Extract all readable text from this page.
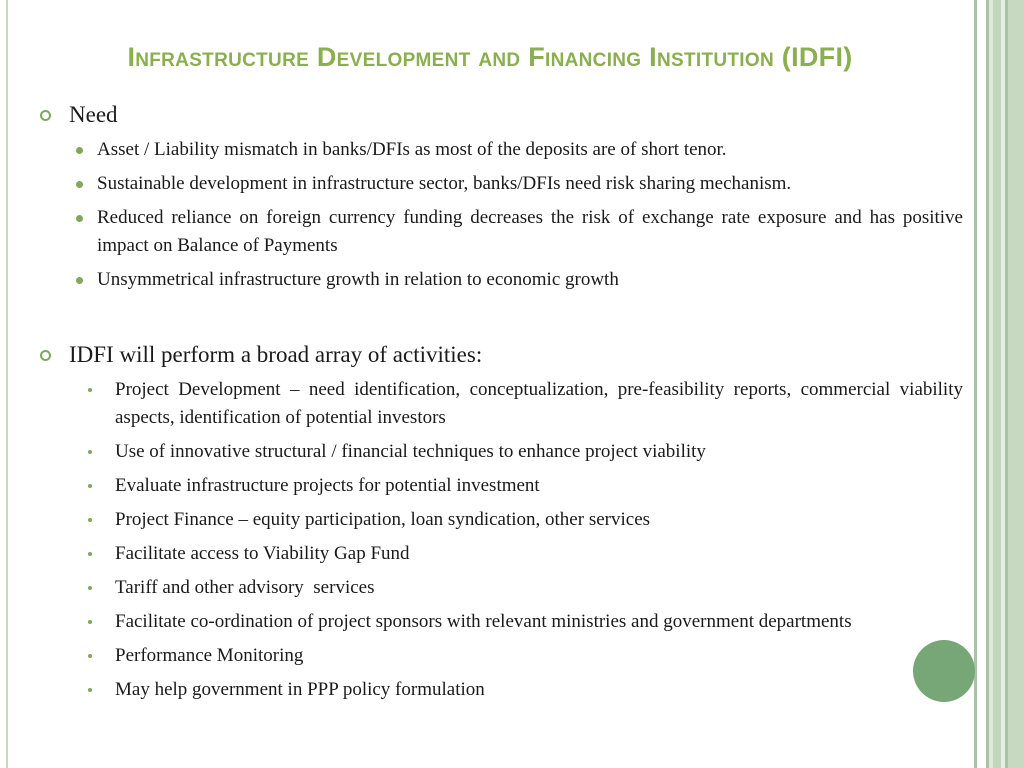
Infrastructure Development and Financing Institution (IDFI)
Need
Asset / Liability mismatch in banks/DFIs as most of the deposits are of short tenor.
Sustainable development in infrastructure sector, banks/DFIs need risk sharing mechanism.
Reduced reliance on foreign currency funding decreases the risk of exchange rate exposure and has positive impact on Balance of Payments
Unsymmetrical infrastructure growth in relation to economic growth
IDFI will perform a broad array of activities:
Project Development – need identification, conceptualization, pre-feasibility reports, commercial viability aspects, identification of potential investors
Use of innovative structural / financial techniques to enhance project viability
Evaluate infrastructure projects for potential investment
Project Finance – equity participation, loan syndication, other services
Facilitate access to Viability Gap Fund
Tariff and other advisory  services
Facilitate co-ordination of project sponsors with relevant ministries and government departments
Performance Monitoring
May help government in PPP policy formulation
